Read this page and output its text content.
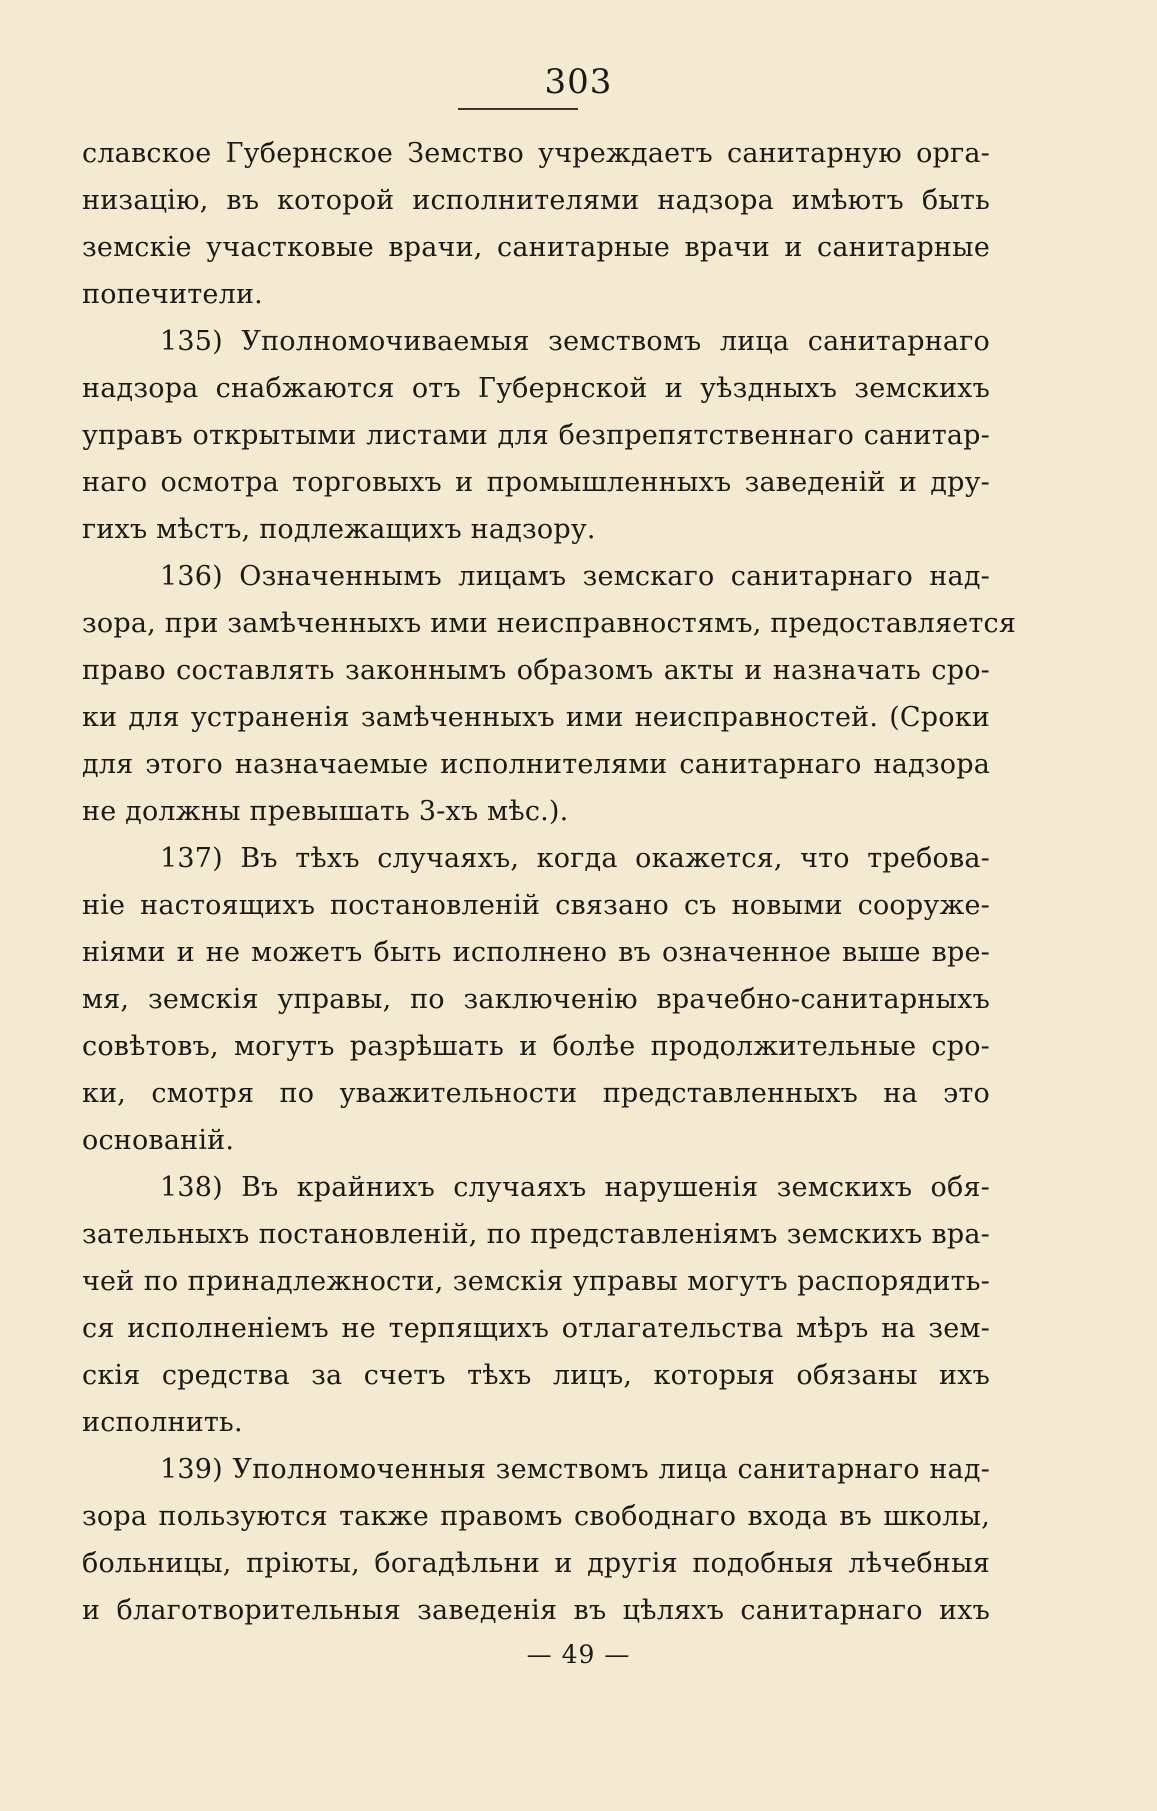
303
славское Губернское Земство учреждаетъ санитарную орга-
низацію, въ которой исполнителями надзора имѣютъ быть
земскіе участковые врачи, санитарные врачи и санитарные
попечители.
135) Уполномочиваемыя земствомъ лица санитарнаго
надзора снабжаются отъ Губернской и уѣздныхъ земскихъ
управъ открытыми листами для безпрепятственнаго санитар-
наго осмотра торговыхъ и промышленныхъ заведеній и дру-
гихъ мѣстъ, подлежащихъ надзору.
136) Означеннымъ лицамъ земскаго санитарнаго над-
зора, при замѣченныхъ ими неисправностямъ, предоставляется
право составлять законнымъ образомъ акты и назначать сро-
ки для устраненія замѣченныхъ ими неисправностей. (Сроки
для этого назначаемые исполнителями санитарнаго надзора
не должны превышать 3-хъ мѣс.).
137) Въ тѣхъ случаяхъ, когда окажется, что требова-
ніе настоящихъ постановленій связано съ новыми сооруже-
ніями и не можетъ быть исполнено въ означенное выше вре-
мя, земскія управы, по заключенію врачебно-санитарныхъ
совѣтовъ, могутъ разрѣшать и болѣе продолжительные сро-
ки, смотря по уважительности представленныхъ на это
основаній.
138) Въ крайнихъ случаяхъ нарушенія земскихъ обя-
зательныхъ постановленій, по представленіямъ земскихъ вра-
чей по принадлежности, земскія управы могутъ распорядить-
ся исполненіемъ не терпящихъ отлагательства мѣръ на зем-
скія средства за счетъ тѣхъ лицъ, которыя обязаны ихъ
исполнить.
139) Уполномоченныя земствомъ лица санитарнаго над-
зора пользуются также правомъ свободнаго входа въ школы,
больницы, пріюты, богадѣльни и другія подобныя лѣчебныя
и благотворительныя заведенія въ цѣляхъ санитарнаго ихъ
— 49 —
